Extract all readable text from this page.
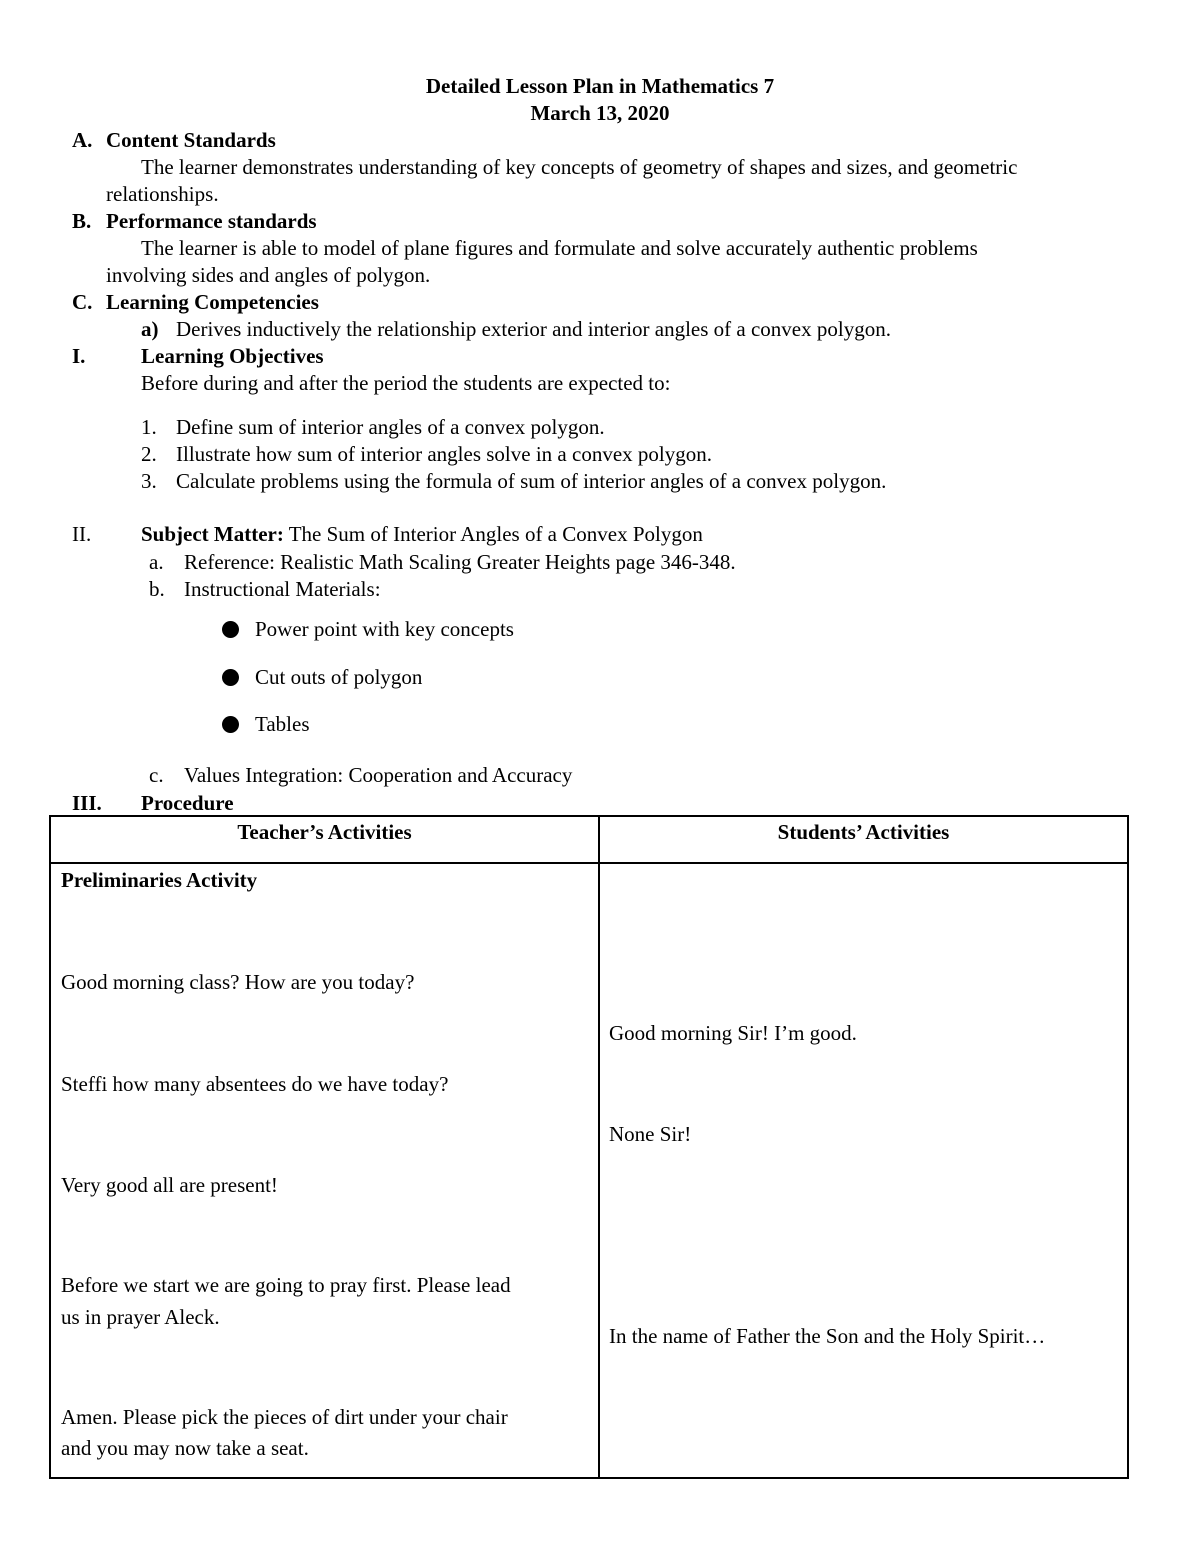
Detailed Lesson Plan in Mathematics 7
March 13, 2020
A. Content Standards
The learner demonstrates understanding of key concepts of geometry of shapes and sizes, and geometric
relationships.
B. Performance standards
The learner is able to model of plane figures and formulate and solve accurately authentic problems
involving sides and angles of polygon.
C. Learning Competencies
a) Derives inductively the relationship exterior and interior angles of a convex polygon.
I.	Learning Objectives
Before during and after the period the students are expected to:
1. Define sum of interior angles of a convex polygon.
2. Illustrate how sum of interior angles solve in a convex polygon.
3. Calculate problems using the formula of sum of interior angles of a convex polygon.
II. Subject Matter: The Sum of Interior Angles of a Convex Polygon
a. Reference: Realistic Math Scaling Greater Heights page 346-348.
b. Instructional Materials:
Power point with key concepts
Cut outs of polygon
Tables
c. Values Integration: Cooperation and Accuracy
III. Procedure
Teacher’s Activities	Students’ Activities
Preliminaries Activity
Good morning class? How are you today?
Steffi how many absentees do we have today?
Very good all are present!
Before we start we are going to pray first. Please lead
us in prayer Aleck.
Amen. Please pick the pieces of dirt under your chair
and you may now take a seat.
Good morning Sir! I’m good.
None Sir!
In the name of Father the Son and the Holy Spirit…
